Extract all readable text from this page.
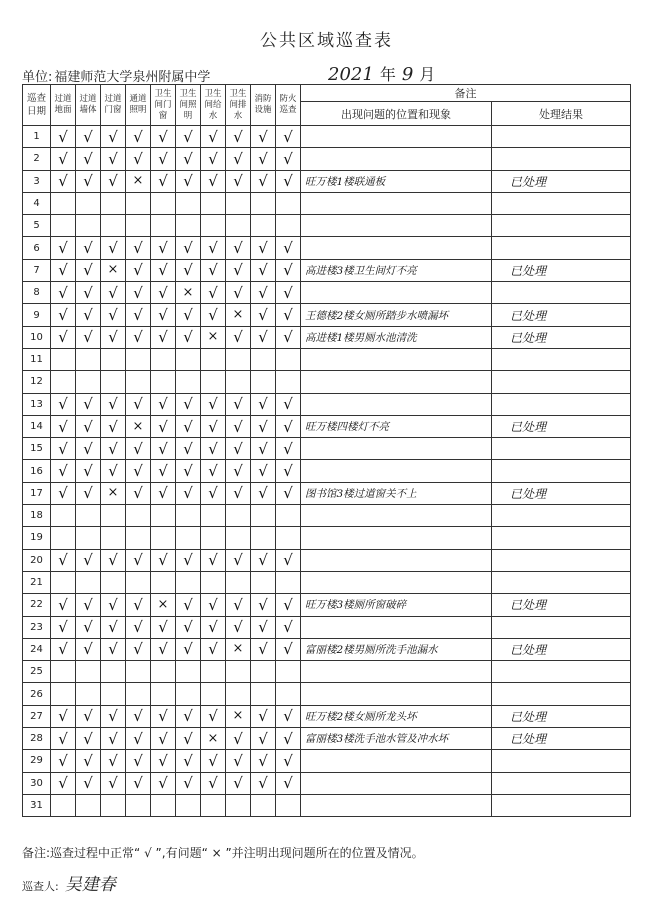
公共区域巡查表
单位: 福建师范大学泉州附属中学	2021 年 9 月
巡查日期	过道地面	过道墙体	过道门窗	通道照明	卫生间门窗	卫生间照明	卫生间给水	卫生间排水	消防设施	防火巡查	备注	
											出现问题的位置和现象	处理结果
1	√	√	√	√	√	√	√	√	√	√		
2	√	√	√	√	√	√	√	√	√	√		
3	√	√	√	×	√	√	√	√	√	√	旺万楼1楼联通板	已处理
4												
5												
6	√	√	√	√	√	√	√	√	√	√		
7	√	√	×	√	√	√	√	√	√	√	高进楼3楼卫生间灯不亮	已处理
8	√	√	√	√	√	×	√	√	√	√		
9	√	√	√	√	√	√	√	×	√	√	王德楼2楼女厕所踏步水喷漏坏	已处理
10	√	√	√	√	√	√	×	√	√	√	高进楼1楼男厕水池清洗	已处理
11												
12												
13	√	√	√	√	√	√	√	√	√	√		
14	√	√	√	×	√	√	√	√	√	√	旺万楼四楼灯不亮	已处理
15	√	√	√	√	√	√	√	√	√	√		
16	√	√	√	√	√	√	√	√	√	√		
17	√	√	×	√	√	√	√	√	√	√	图书馆3楼过道窗关不上	已处理
18												
19												
20	√	√	√	√	√	√	√	√	√	√		
21												
22	√	√	√	√	×	√	√	√	√	√	旺万楼3楼厕所窗破碎	已处理
23	√	√	√	√	√	√	√	√	√	√		
24	√	√	√	√	√	√	√	×	√	√	富丽楼2楼男厕所洗手池漏水	已处理
25												
26												
27	√	√	√	√	√	√	√	×	√	√	旺万楼2楼女厕所龙头坏	已处理
28	√	√	√	√	√	√	×	√	√	√	富丽楼3楼洗手池水管及冲水坏	已处理
29	√	√	√	√	√	√	√	√	√	√		
30	√	√	√	√	√	√	√	√	√	√		
31												
备注:巡查过程中正常“ √ ”,有问题“ × ”并注明出现问题所在的位置及情况。
巡查人: 吴建春
